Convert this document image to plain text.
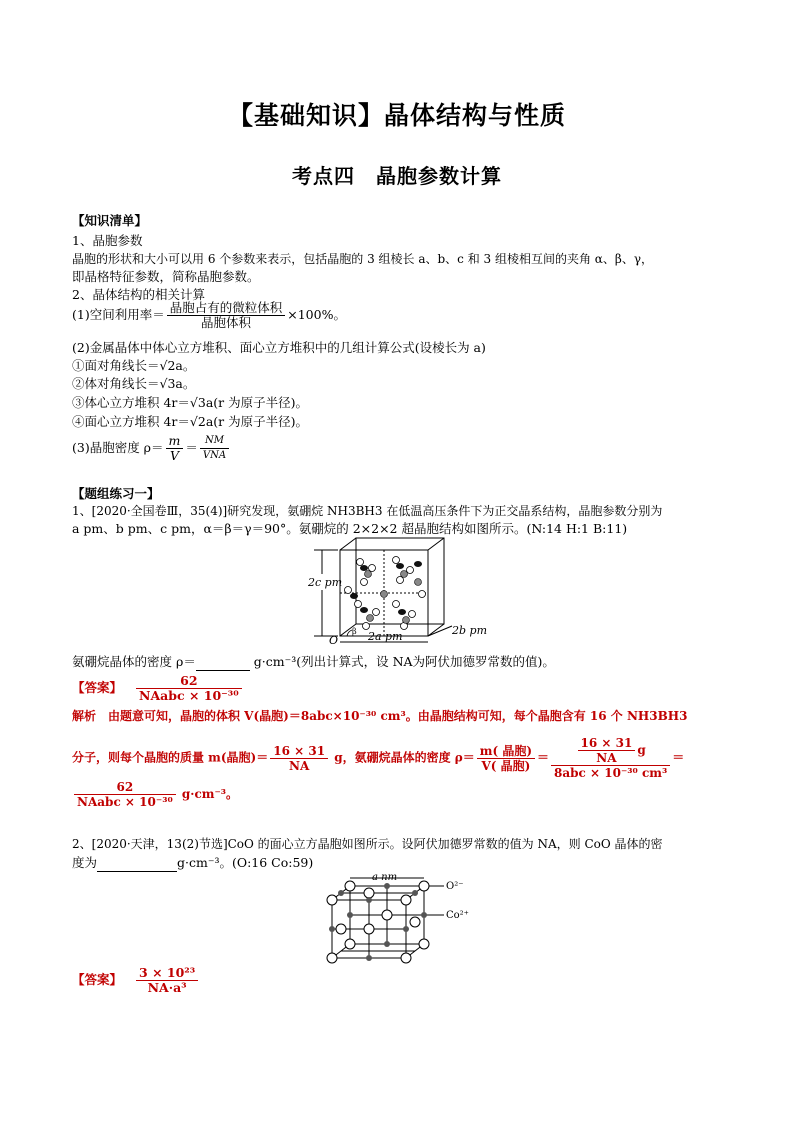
【基础知识】晶体结构与性质
考点四　晶胞参数计算
【知识清单】
1、晶胞参数
晶胞的形状和大小可以用 6 个参数来表示，包括晶胞的 3 组棱长 a、b、c 和 3 组棱相互间的夹角 α、β、γ，
即晶格特征参数，简称晶胞参数。
2、晶体结构的相关计算
(1)空间利用率＝ $\frac{\text{晶胞占有的微粒体积}}{\text{晶胞体积}} \times 100\%$。
(2)金属晶体中体心立方堆积、面心立方堆积中的几组计算公式(设棱长为 a)
①面对角线长＝√2a。
②体对角线长＝√3a。
③体心立方堆积 4r＝√3a(r 为原子半径)。
④面心立方堆积 4r＝√2a(r 为原子半径)。
(3)晶胞密度 $\rho= \frac{m}{V} = \frac{NM}{\text{VNA}}$
【题组练习一】
1、[2020·全国卷Ⅲ，35(4)]研究发现，氨硼烷 NH3BH3 在低温高压条件下为正交晶系结构，晶胞参数分别为
a pm、b pm、c pm，α＝β＝γ＝90°。氨硼烷的 2×2×2 超晶胞结构如图所示。(N:14 H:1 B:11)
2c pm
2a pm	2b pm
O
β
氨硼烷晶体的密度 ρ＝	g·cm⁻³(列出计算式，设 NA为阿伏加德罗常数的值)。
【答案】 $\frac{62}{\text{NAabc × 10⁻³⁰}}$
解析　由题意可知，晶胞的体积 V(晶胞)＝8abc×10⁻³⁰ cm³。由晶胞结构可知，每个晶胞含有 16 个 NH3BH3
分子，则每个晶胞的质量 m(晶胞)＝ $\frac{16 \times 31}{NA}$ g，氨硼烷晶体的密度 $\rho= \frac{\text{m( 晶胞)}}{\text{V( 晶胞)}} = \frac{\frac{16 \times 31}{NA} g}{\text{8abc × 10⁻³⁰ cm³}}$ ＝
$\frac{62}{\text{NAabc × 10⁻³⁰}} g\cdot cm^{-3}$。
2、[2020·天津，13(2)节选]CoO 的面心立方晶胞如图所示。设阿伏加德罗常数的值为 NA，则 CoO 晶体的密
度为	g·cm⁻³。(O:16 Co:59)
a nm
O²⁻
Co²⁺
【答案】 $\frac{\text{3 × 10²³}}{\text{NA·a³}}$
